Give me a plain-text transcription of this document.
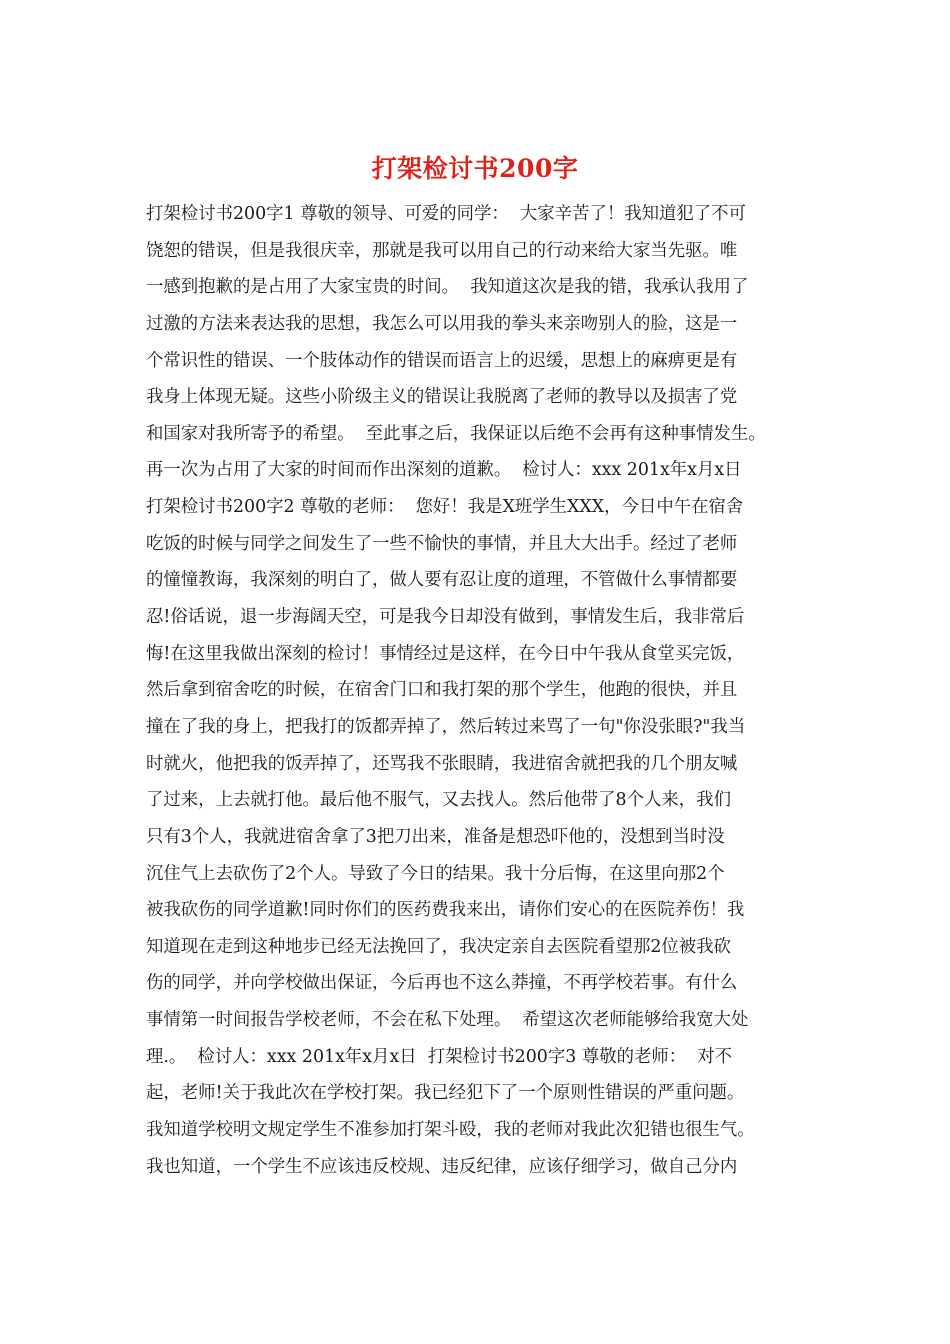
打架检讨书200字
打架检讨书200字1 尊敬的领导、可爱的同学：  大家辛苦了！我知道犯了不可
饶恕的错误，但是我很庆幸，那就是我可以用自己的行动来给大家当先驱。唯
一感到抱歉的是占用了大家宝贵的时间。  我知道这次是我的错，我承认我用了
过激的方法来表达我的思想，我怎么可以用我的拳头来亲吻别人的脸，这是一
个常识性的错误、一个肢体动作的错误而语言上的迟缓，思想上的麻痹更是有
我身上体现无疑。这些小阶级主义的错误让我脱离了老师的教导以及损害了党
和国家对我所寄予的希望。  至此事之后，我保证以后绝不会再有这种事情发生。
再一次为占用了大家的时间而作出深刻的道歉。  检讨人：xxx 201x年x月x日
打架检讨书200字2 尊敬的老师：  您好！我是X班学生XXX，今日中午在宿舍
吃饭的时候与同学之间发生了一些不愉快的事情，并且大大出手。经过了老师
的憧憧教诲，我深刻的明白了，做人要有忍让度的道理，不管做什么事情都要
忍!俗话说，退一步海阔天空，可是我今日却没有做到，事情发生后，我非常后
悔!在这里我做出深刻的检讨！事情经过是这样，在今日中午我从食堂买完饭，
然后拿到宿舍吃的时候，在宿舍门口和我打架的那个学生，他跑的很快，并且
撞在了我的身上，把我打的饭都弄掉了，然后转过来骂了一句"你没张眼?"我当
时就火，他把我的饭弄掉了，还骂我不张眼睛，我进宿舍就把我的几个朋友喊
了过来，上去就打他。最后他不服气，又去找人。然后他带了8个人来，我们
只有3个人，我就进宿舍拿了3把刀出来，准备是想恐吓他的，没想到当时没
沉住气上去砍伤了2个人。导致了今日的结果。我十分后悔，在这里向那2个
被我砍伤的同学道歉!同时你们的医药费我来出，请你们安心的在医院养伤！我
知道现在走到这种地步已经无法挽回了，我决定亲自去医院看望那2位被我砍
伤的同学，并向学校做出保证，今后再也不这么莽撞，不再学校若事。有什么
事情第一时间报告学校老师，不会在私下处理。  希望这次老师能够给我宽大处
理.。  检讨人：xxx 201x年x月x日  打架检讨书200字3 尊敬的老师：  对不
起，老师!关于我此次在学校打架。我已经犯下了一个原则性错误的严重问题。
我知道学校明文规定学生不准参加打架斗殴，我的老师对我此次犯错也很生气。
我也知道，一个学生不应该违反校规、违反纪律，应该仔细学习，做自己分内
